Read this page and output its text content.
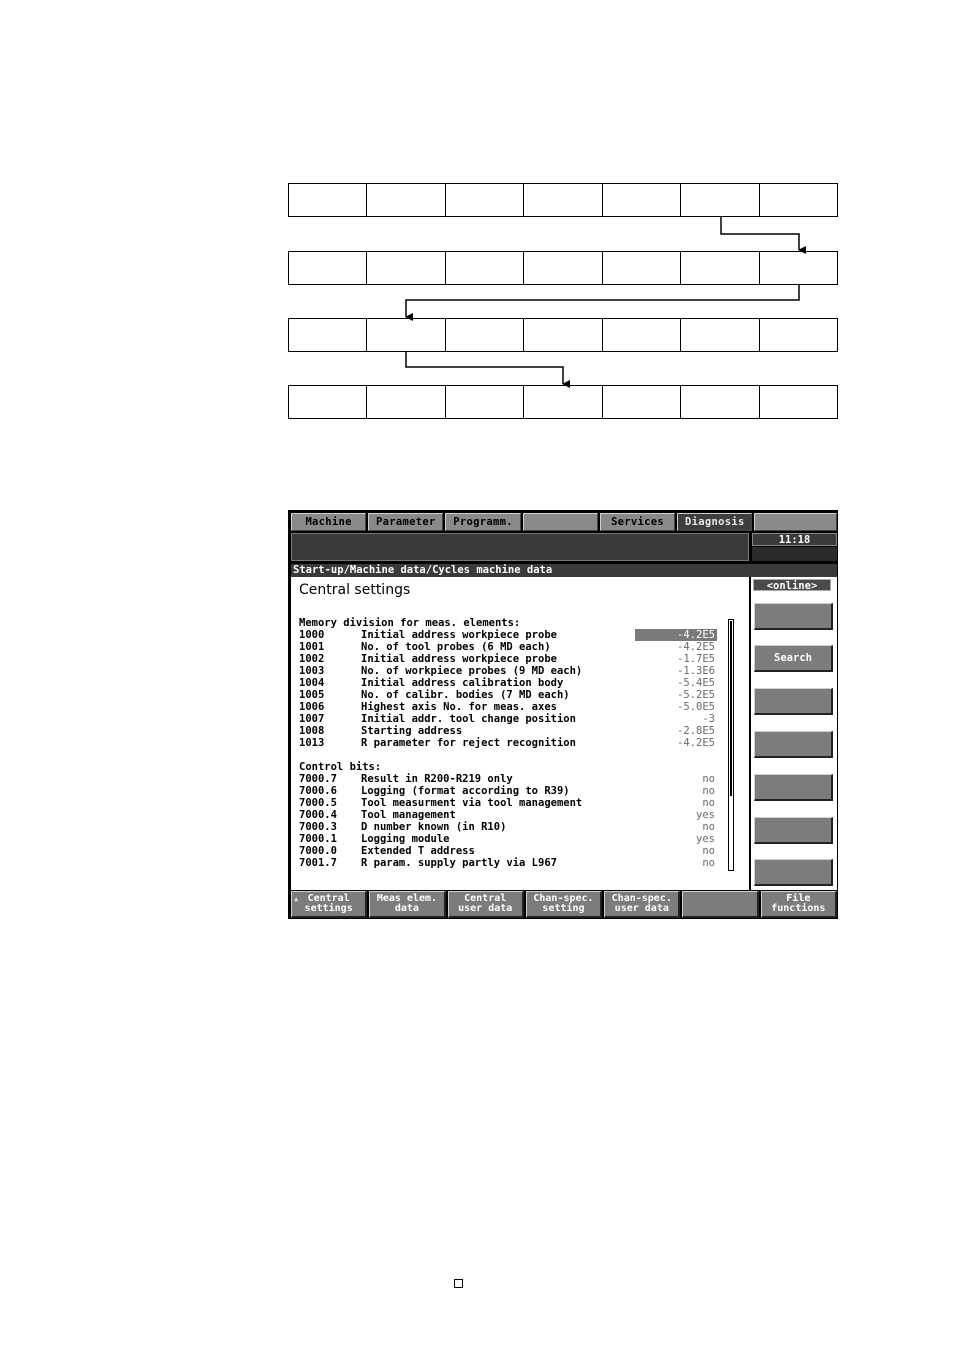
Machine	Parameter	Programm.	Services	Diagnosis
11:18
Start-up/Machine data/Cycles machine data
Central settings
Memory division for meas. elements:
1000	Initial address workpiece probe	-4.2E5
1001	No. of tool probes (6 MD each)	-4.2E5
1002	Initial address workpiece probe	-1.7E5
1003	No. of workpiece probes (9 MD each)	-1.3E6
1004	Initial address calibration body	-5.4E5
1005	No. of calibr. bodies (7 MD each)	-5.2E5
1006	Highest axis No. for meas. axes	-5.0E5
1007	Initial addr. tool change position	-3
1008	Starting address	-2.8E5
1013	R parameter for reject recognition	-4.2E5
Control bits:
7000.7 Result in R200-R219 only	no
7000.6 Logging (format according to R39)	no
7000.5 Tool measurment via tool management	no
7000.4 Tool management	yes
7000.3 D number known (in R10)	no
7000.1 Logging module	yes
7000.0 Extended T address	no
7001.7 R param. supply partly via L967	no
<online>
Search
▲ Central
settings
Meas elem.
data
Central
user data
Chan-spec.
setting
Chan-spec.
user data
File
functions
